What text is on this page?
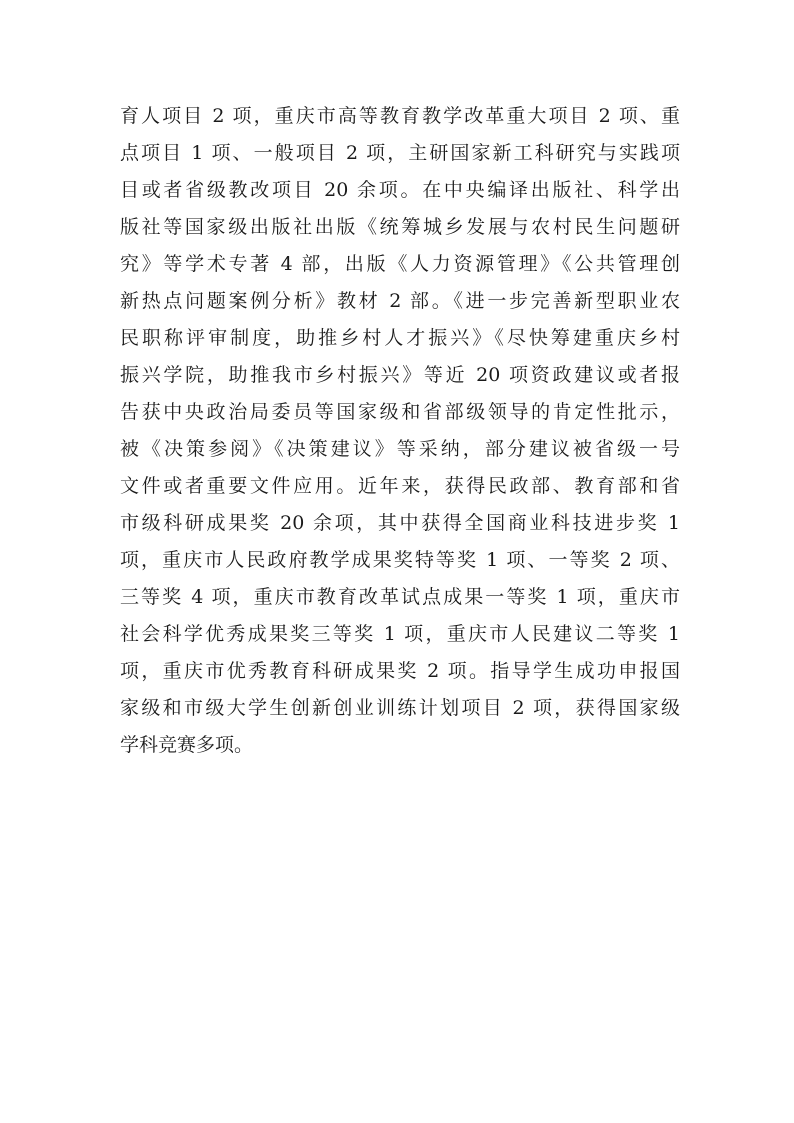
育人项目 2 项，重庆市高等教育教学改革重大项目 2 项、重
点项目 1 项、一般项目 2 项，主研国家新工科研究与实践项
目或者省级教改项目 20 余项。在中央编译出版社、科学出
版社等国家级出版社出版《统筹城乡发展与农村民生问题研
究》等学术专著 4 部，出版《人力资源管理》《公共管理创
新热点问题案例分析》教材 2 部。《进一步完善新型职业农
民职称评审制度，助推乡村人才振兴》《尽快筹建重庆乡村
振兴学院，助推我市乡村振兴》等近 20 项资政建议或者报
告获中央政治局委员等国家级和省部级领导的肯定性批示，
被《决策参阅》《决策建议》等采纳，部分建议被省级一号
文件或者重要文件应用。近年来，获得民政部、教育部和省
市级科研成果奖 20 余项，其中获得全国商业科技进步奖 1
项，重庆市人民政府教学成果奖特等奖 1 项、一等奖 2 项、
三等奖 4 项，重庆市教育改革试点成果一等奖 1 项，重庆市
社会科学优秀成果奖三等奖 1 项，重庆市人民建议二等奖 1
项，重庆市优秀教育科研成果奖 2 项。指导学生成功申报国
家级和市级大学生创新创业训练计划项目 2 项，获得国家级
学科竞赛多项。
